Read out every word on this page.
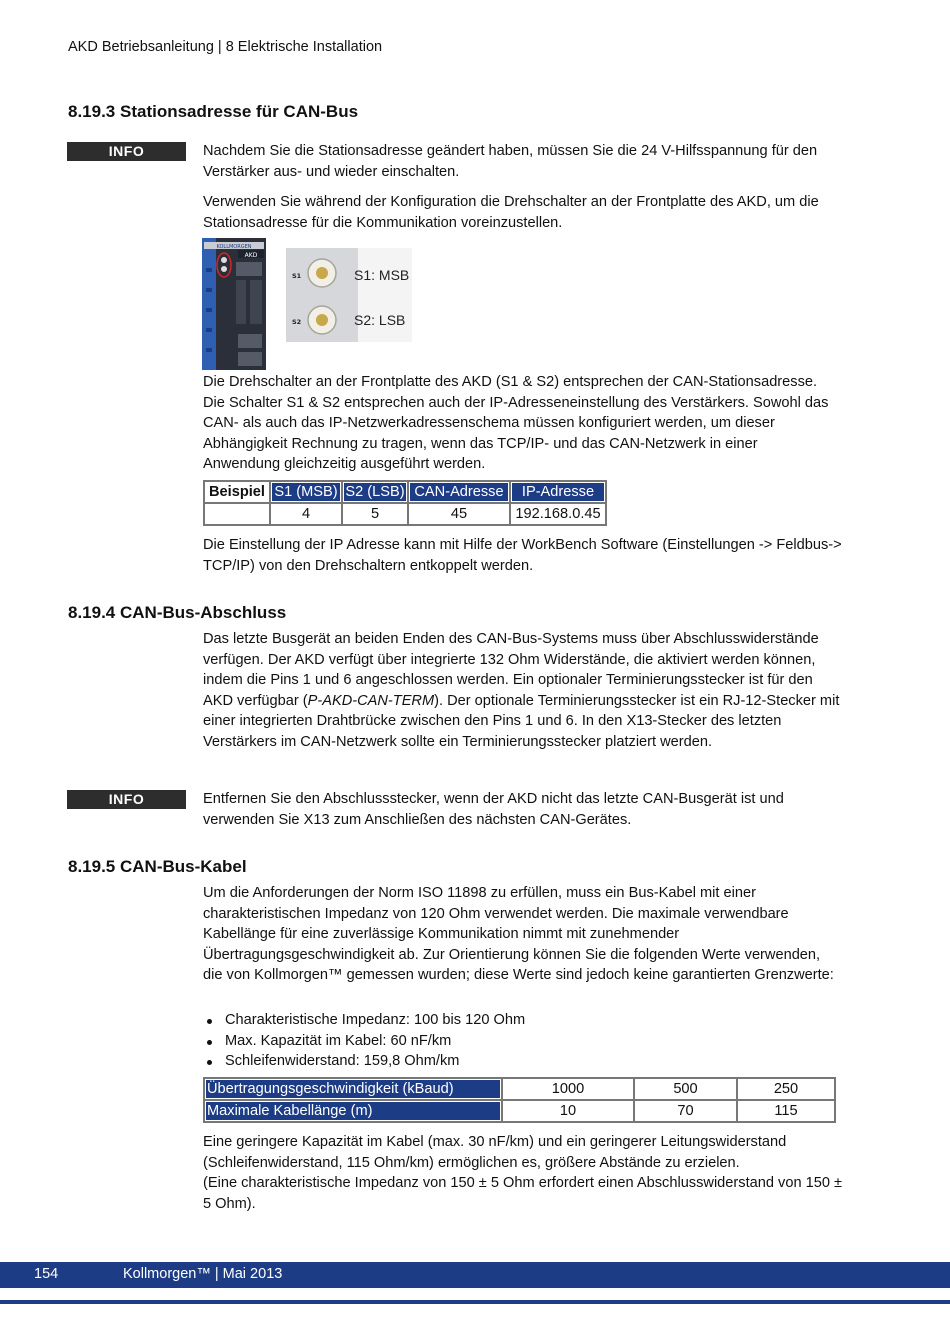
AKD Betriebsanleitung | 8 Elektrische Installation
8.19.3 Stationsadresse für CAN-Bus
INFO	Nachdem Sie die Stationsadresse geändert haben, müssen Sie die 24 V-Hilfsspannung für den Verstärker aus- und wieder einschalten.

Verwenden Sie während der Konfiguration die Drehschalter an der Frontplatte des AKD, um die Stationsadresse für die Kommunikation voreinzustellen.

KOLLMORGEN
AKD
S1
S2
S1: MSB
S2: LSB

Die Drehschalter an der Frontplatte des AKD (S1 & S2) entsprechen der CAN-Stationsadresse. Die Schalter S1 & S2 entsprechen auch der IP-Adresseneinstellung des Verstärkers. Sowohl das CAN- als auch das IP-Netzwerkadressenschema müssen konfiguriert werden, um dieser Abhängigkeit Rechnung zu tragen, wenn das TCP/IP- und das CAN-Netzwerk in einer Anwendung gleichzeitig ausgeführt werden.

Beispiel	S1 (MSB)	S2 (LSB)	CAN-Adresse	IP-Adresse
	4	5	45	192.168.0.45

Die Einstellung der IP Adresse kann mit Hilfe der WorkBench Software (Einstellungen -> Feldbus-> TCP/IP) von den Drehschaltern entkoppelt werden.

8.19.4 CAN-Bus-Abschluss

Das letzte Busgerät an beiden Enden des CAN-Bus-Systems muss über Abschlusswiderstände verfügen. Der AKD verfügt über integrierte 132 Ohm Widerstände, die aktiviert werden können, indem die Pins 1 und 6 angeschlossen werden. Ein optionaler Terminierungsstecker ist für den AKD verfügbar (P-AKD-CAN-TERM). Der optionale Terminierungsstecker ist ein RJ-12-Stecker mit einer integrierten Drahtbrücke zwischen den Pins 1 und 6. In den X13-Stecker des letzten Verstärkers im CAN-Netzwerk sollte ein Terminierungsstecker platziert werden.

INFO	Entfernen Sie den Abschlussstecker, wenn der AKD nicht das letzte CAN-Busgerät ist und verwenden Sie X13 zum Anschließen des nächsten CAN-Gerätes.

8.19.5 CAN-Bus-Kabel

Um die Anforderungen der Norm ISO 11898 zu erfüllen, muss ein Bus-Kabel mit einer charakteristischen Impedanz von 120 Ohm verwendet werden. Die maximale verwendbare Kabellänge für eine zuverlässige Kommunikation nimmt mit zunehmender Übertragungsgeschwindigkeit ab. Zur Orientierung können Sie die folgenden Werte verwenden, die von Kollmorgen™ gemessen wurden; diese Werte sind jedoch keine garantierten Grenzwerte:

Charakteristische Impedanz: 100 bis 120 Ohm
Max. Kapazität im Kabel: 60 nF/km
Schleifenwiderstand: 159,8 Ohm/km
Übertragungsgeschwindigkeit (kBaud)	1000	500	250
Maximale Kabellänge (m)	10	70	115

Eine geringere Kapazität im Kabel (max. 30 nF/km) und ein geringerer Leitungswiderstand (Schleifenwiderstand, 115 Ohm/km) ermöglichen es, größere Abstände zu erzielen.

(Eine charakteristische Impedanz von 150 ± 5 Ohm erfordert einen Abschlusswiderstand von 150 ± 5 Ohm).

154	Kollmorgen™ | Mai 2013
